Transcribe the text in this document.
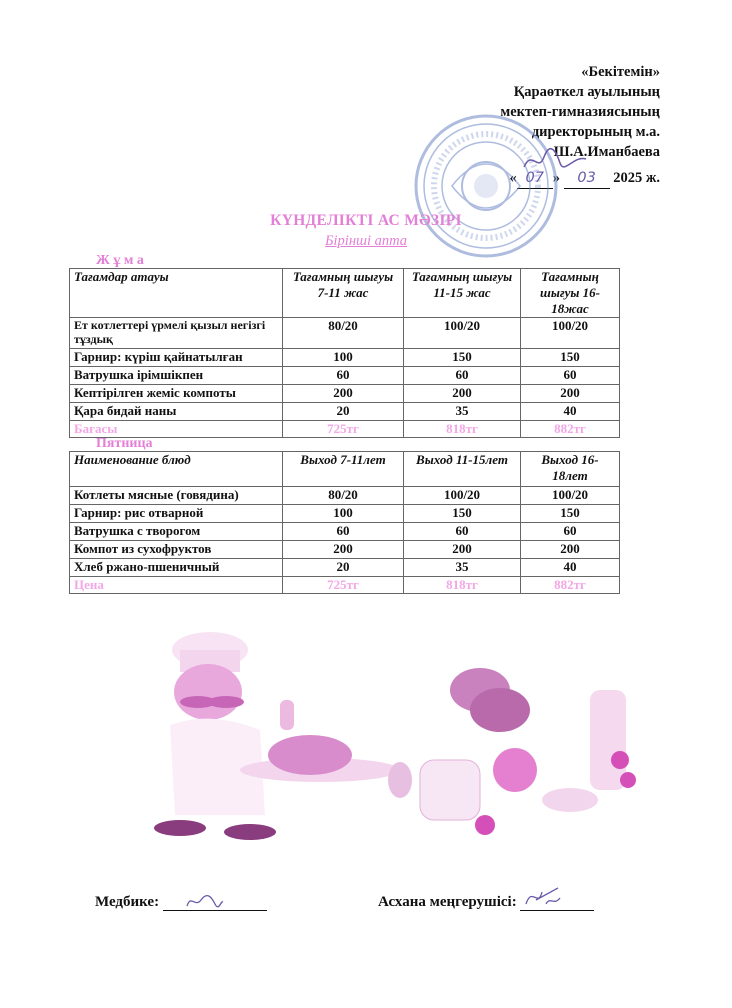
«Бекітемін»
Қараөткел ауылының
мектеп-гимназиясының
директорының м.а.
Ш.А.Иманбаева
« 07 » 03 2025 ж.
КҮНДЕЛІКТІ АС МӘЗІРІ
Бірінші апта
Ж ұ м а
Тағамдар атауы	Тағамның шығуы 7-11 жас	Тағамның шығуы 11-15 жас	Тағамның шығуы 16-18жас
Ет котлеттері үрмелі қызыл негізгі тұздық	80/20	100/20	100/20
Гарнир: күріш қайнатылған	100	150	150
Ватрушка ірімшікпен	60	60	60
Кептірілген жеміс компоты	200	200	200
Қара бидай наны	20	35	40
Бағасы	725тг	818тг	882тг
Пятница
Наименование блюд	Выход 7-11лет	Выход 11-15лет	Выход 16-18лет
Котлеты мясные (говядина)	80/20	100/20	100/20
Гарнир: рис отварной	100	150	150
Ватрушка с творогом	60	60	60
Компот из сухофруктов	200	200	200
Хлеб ржано-пшеничный	20	35	40
Цена	725тг	818тг	882тг
Медбике:	Асхана меңгерушісі:
